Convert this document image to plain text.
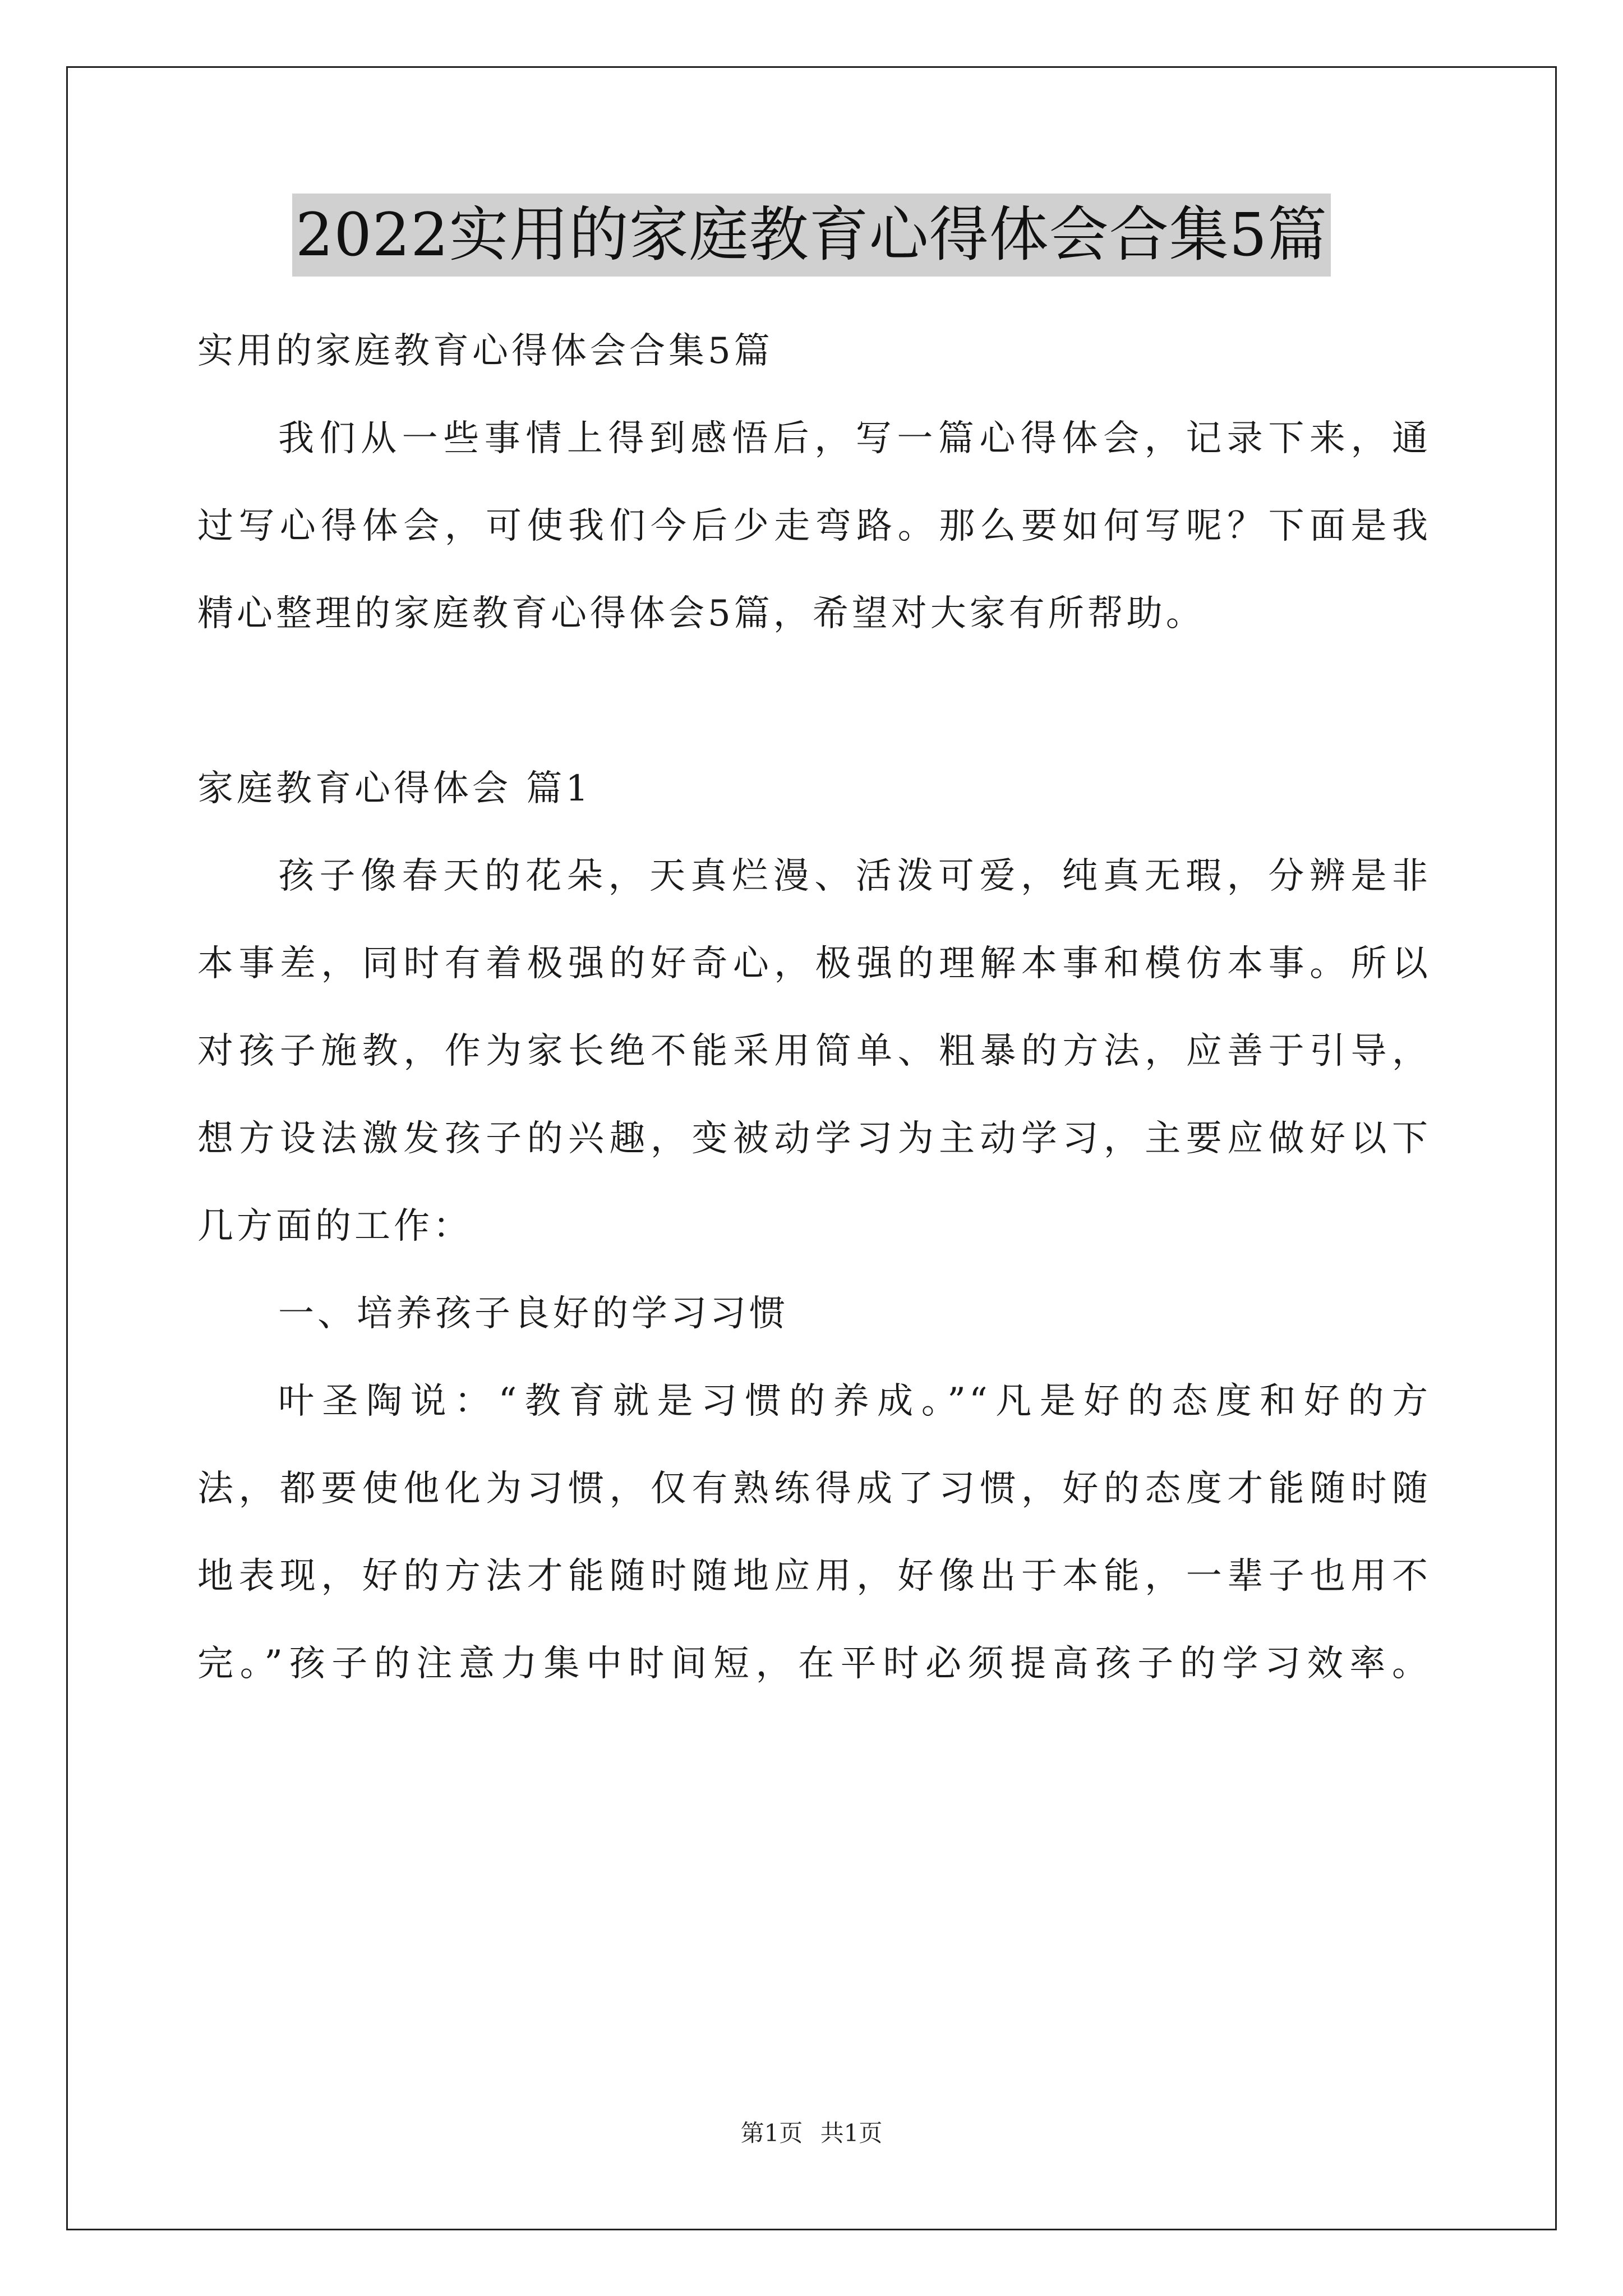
2022实用的家庭教育心得体会合集5篇
实用的家庭教育心得体会合集5篇
我们从一些事情上得到感悟后，写一篇心得体会，记录下来，通
过写心得体会，可使我们今后少走弯路。那么要如何写呢？下面是我
精心整理的家庭教育心得体会5篇，希望对大家有所帮助。
家庭教育心得体会 篇1
孩子像春天的花朵，天真烂漫、活泼可爱，纯真无瑕，分辨是非
本事差，同时有着极强的好奇心，极强的理解本事和模仿本事。所以
对孩子施教，作为家长绝不能采用简单、粗暴的方法，应善于引导，
想方设法激发孩子的兴趣，变被动学习为主动学习，主要应做好以下
几方面的工作：
一、培养孩子良好的学习习惯
叶圣陶说：“教育就是习惯的养成。”“凡是好的态度和好的方
法，都要使他化为习惯，仅有熟练得成了习惯，好的态度才能随时随
地表现，好的方法才能随时随地应用，好像出于本能，一辈子也用不
完。”孩子的注意力集中时间短，在平时必须提高孩子的学习效率。
第1页 共1页
